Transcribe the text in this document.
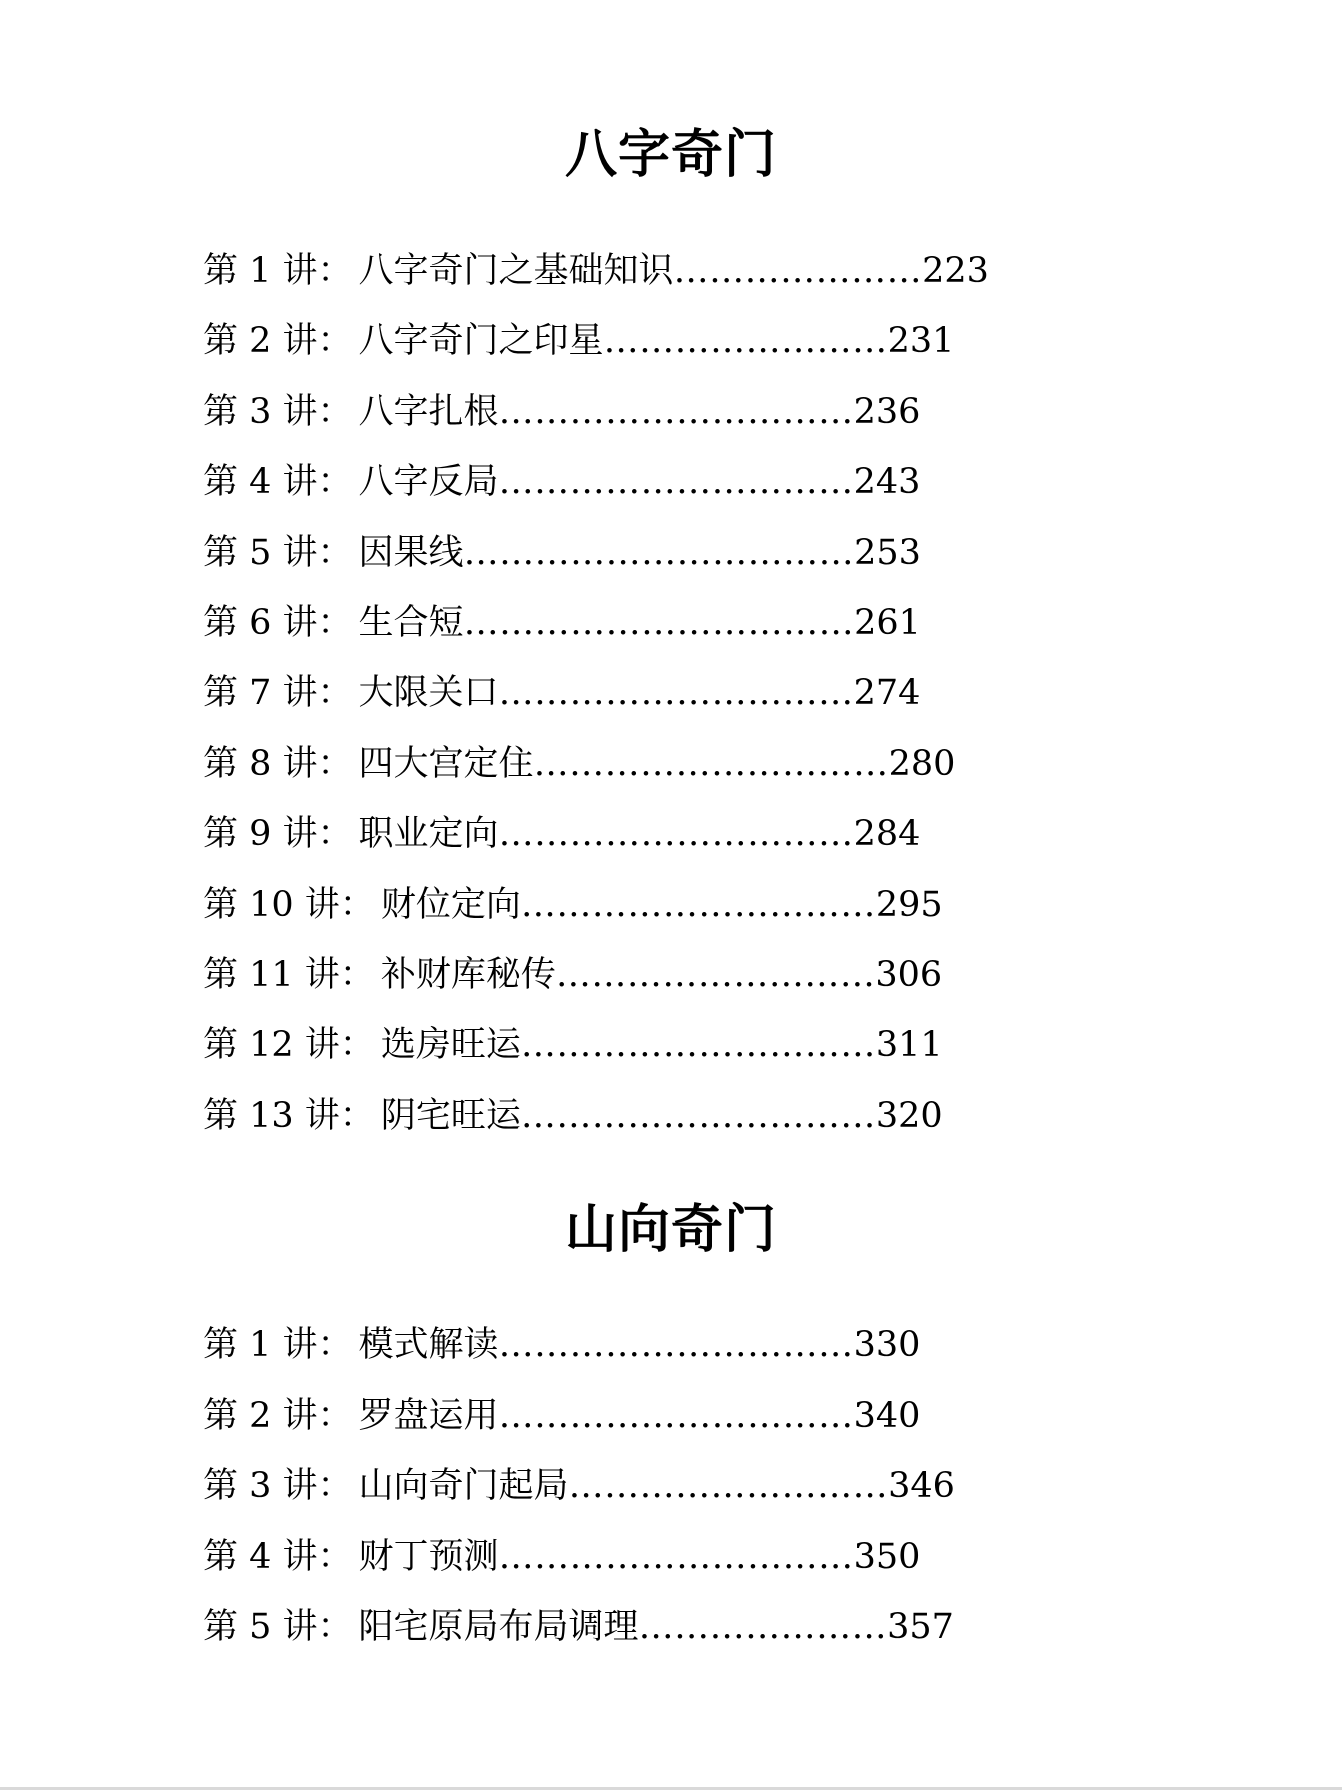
八字奇门
第 1 讲 ： 八字奇门之基础知识 ………………… 223
第 2 讲 ： 八字奇门之印星 …………………… 231
第 3 讲 ： 八字扎根 ………………………… 236
第 4 讲 ： 八字反局 ………………………… 243
第 5 讲 ： 因果线 …………………………… 253
第 6 讲 ： 生合短 …………………………… 261
第 7 讲 ： 大限关口 ………………………… 274
第 8 讲 ： 四大宫定住 ………………………… 280
第 9 讲 ： 职业定向 ………………………… 284
第 10 讲 ： 财位定向 ………………………… 295
第 11 讲 ： 补财库秘传 ……………………… 306
第 12 讲 ： 选房旺运 ………………………… 311
第 13 讲 ： 阴宅旺运 ………………………… 320
山向奇门
第 1 讲 ： 模式解读 ………………………… 330
第 2 讲 ： 罗盘运用 ………………………… 340
第 3 讲 ： 山向奇门起局 ……………………… 346
第 4 讲 ： 财丁预测 ………………………… 350
第 5 讲 ： 阳宅原局布局调理 ………………… 357
